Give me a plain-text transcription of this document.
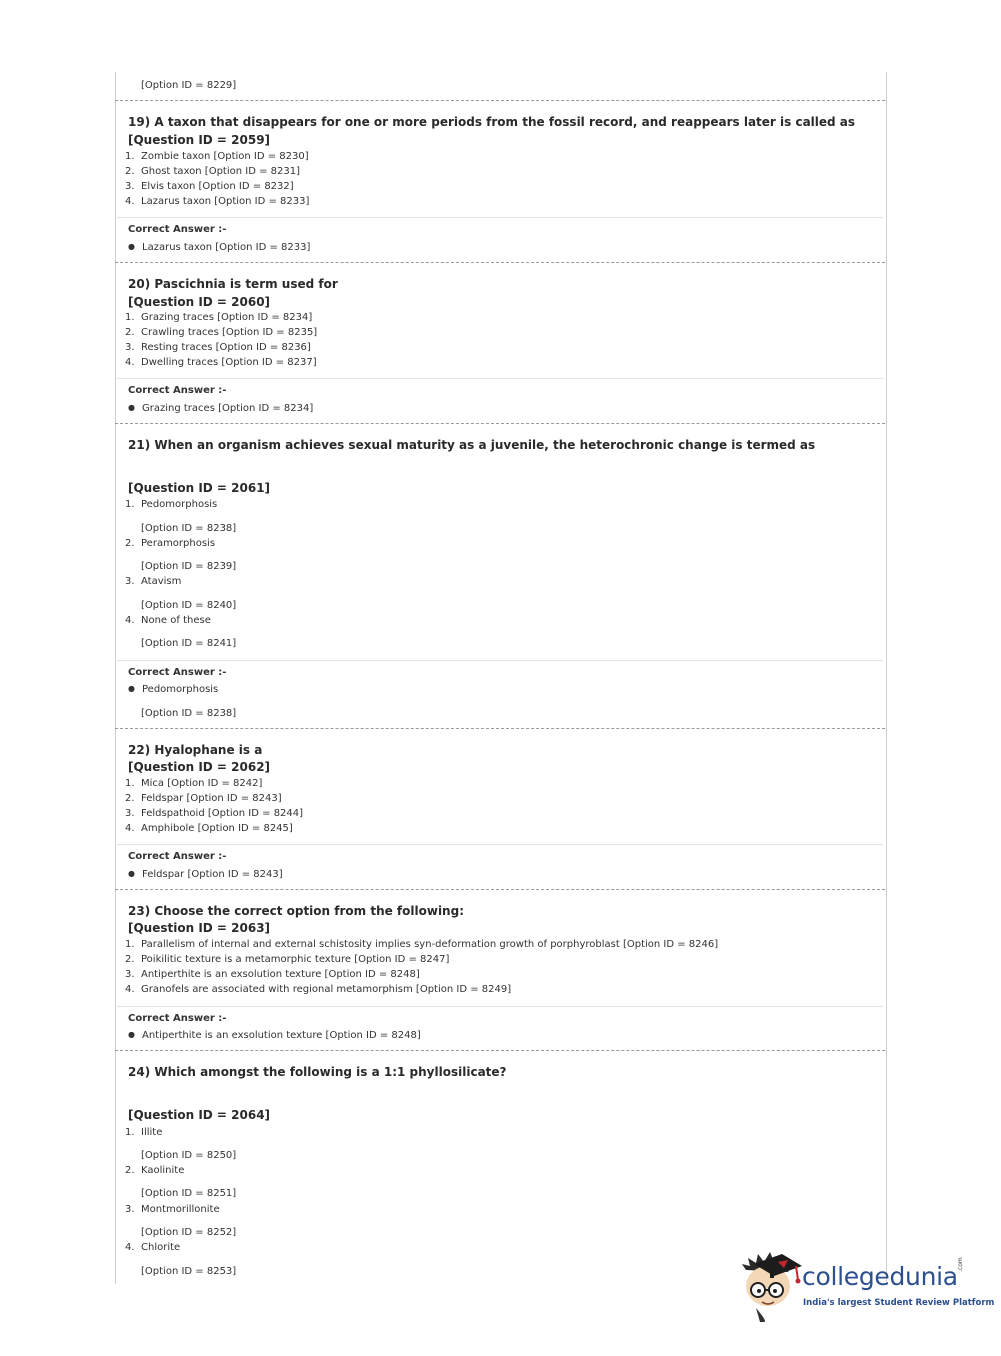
[Option ID = 8229]
19) A taxon that disappears for one or more periods from the fossil record, and reappears later is called as
[Question ID = 2059]
1. Zombie taxon [Option ID = 8230]
2. Ghost taxon [Option ID = 8231]
3. Elvis taxon [Option ID = 8232]
4. Lazarus taxon [Option ID = 8233]
Correct Answer :-
● Lazarus taxon [Option ID = 8233]
20) Pascichnia is term used for
[Question ID = 2060]
1. Grazing traces [Option ID = 8234]
2. Crawling traces [Option ID = 8235]
3. Resting traces [Option ID = 8236]
4. Dwelling traces [Option ID = 8237]
Correct Answer :-
● Grazing traces [Option ID = 8234]
21) When an organism achieves sexual maturity as a juvenile, the heterochronic change is termed as
[Question ID = 2061]
1. Pedomorphosis
[Option ID = 8238]
2. Peramorphosis
[Option ID = 8239]
3. Atavism
[Option ID = 8240]
4. None of these
[Option ID = 8241]
Correct Answer :-
● Pedomorphosis
[Option ID = 8238]
22) Hyalophane is a
[Question ID = 2062]
1. Mica [Option ID = 8242]
2. Feldspar [Option ID = 8243]
3. Feldspathoid [Option ID = 8244]
4. Amphibole [Option ID = 8245]
Correct Answer :-
● Feldspar [Option ID = 8243]
23) Choose the correct option from the following:
[Question ID = 2063]
1. Parallelism of internal and external schistosity implies syn-deformation growth of porphyroblast [Option ID = 8246]
2. Poikilitic texture is a metamorphic texture [Option ID = 8247]
3. Antiperthite is an exsolution texture [Option ID = 8248]
4. Granofels are associated with regional metamorphism [Option ID = 8249]
Correct Answer :-
● Antiperthite is an exsolution texture [Option ID = 8248]
24) Which amongst the following is a 1:1 phyllosilicate?
[Question ID = 2064]
1. Illite
[Option ID = 8250]
2. Kaolinite
[Option ID = 8251]
3. Montmorillonite
[Option ID = 8252]
4. Chlorite
[Option ID = 8253]	collegedunia .com
India's largest Student Review Platform
